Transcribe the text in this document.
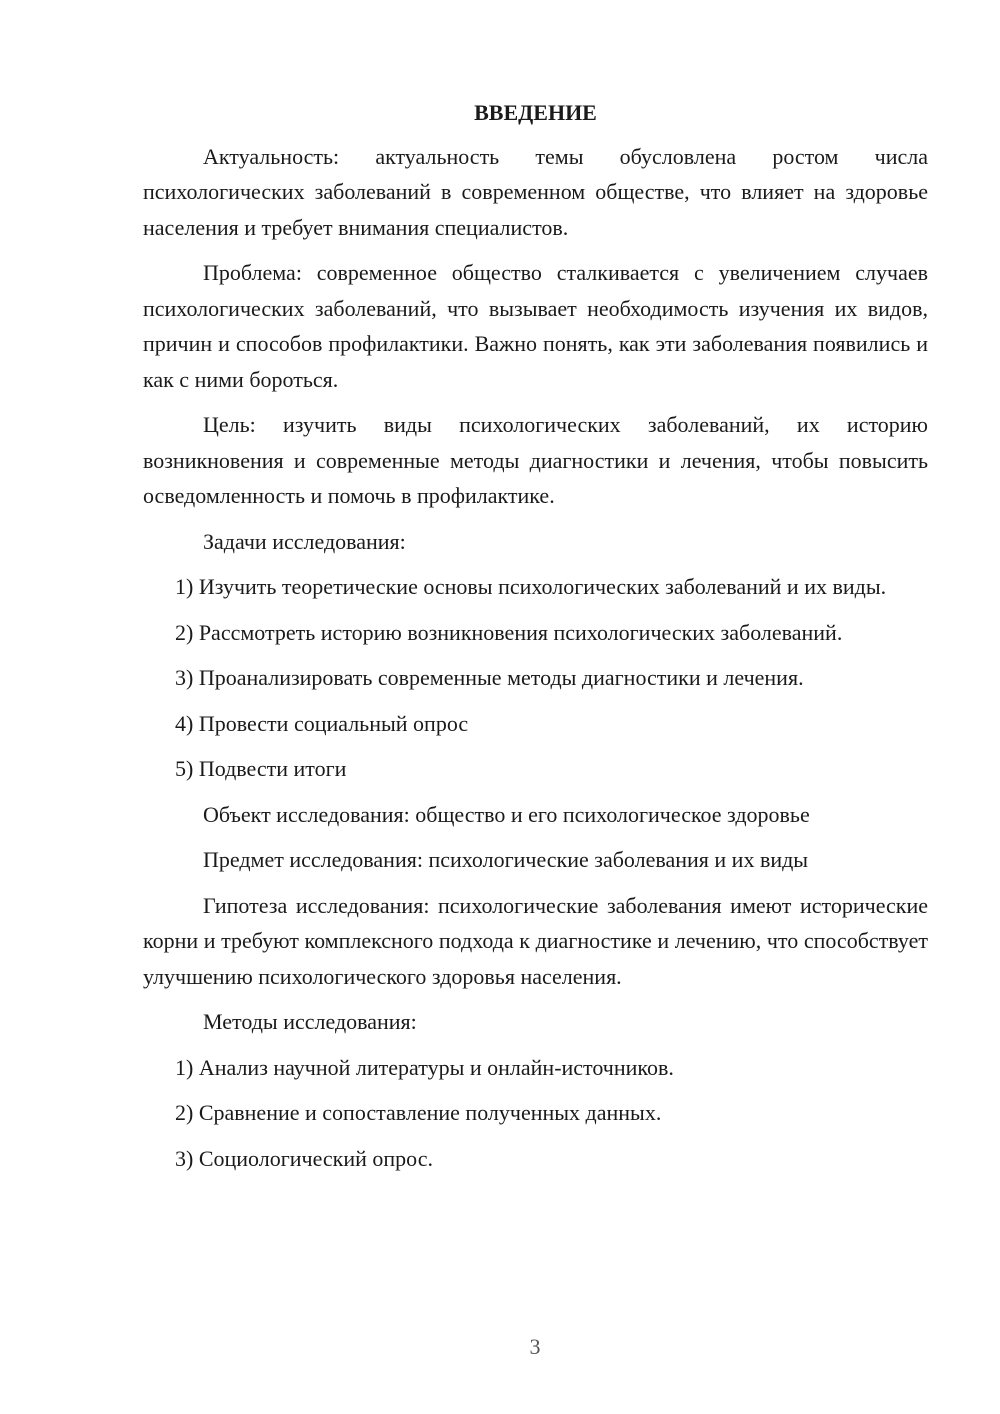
ВВЕДЕНИЕ

Актуальность: актуальность темы обусловлена ростом числа психологических заболеваний в современном обществе, что влияет на здоровье населения и требует внимания специалистов.

Проблема: современное общество сталкивается с увеличением случаев психологических заболеваний, что вызывает необходимость изучения их видов, причин и способов профилактики. Важно понять, как эти заболевания появились и как с ними бороться.

Цель: изучить виды психологических заболеваний, их историю возникновения и современные методы диагностики и лечения, чтобы повысить осведомленность и помочь в профилактике.

Задачи исследования:

1) Изучить теоретические основы психологических заболеваний и их виды.

2) Рассмотреть историю возникновения психологических заболеваний.

3) Проанализировать современные методы диагностики и лечения.

4) Провести социальный опрос

5) Подвести итоги

Объект исследования: общество и его психологическое здоровье

Предмет исследования: психологические заболевания и их виды

Гипотеза исследования: психологические заболевания имеют исторические корни и требуют комплексного подхода к диагностике и лечению, что способствует улучшению психологического здоровья населения.

Методы исследования:

1) Анализ научной литературы и онлайн-источников.

2) Сравнение и сопоставление полученных данных.

3) Социологический опрос.

3
